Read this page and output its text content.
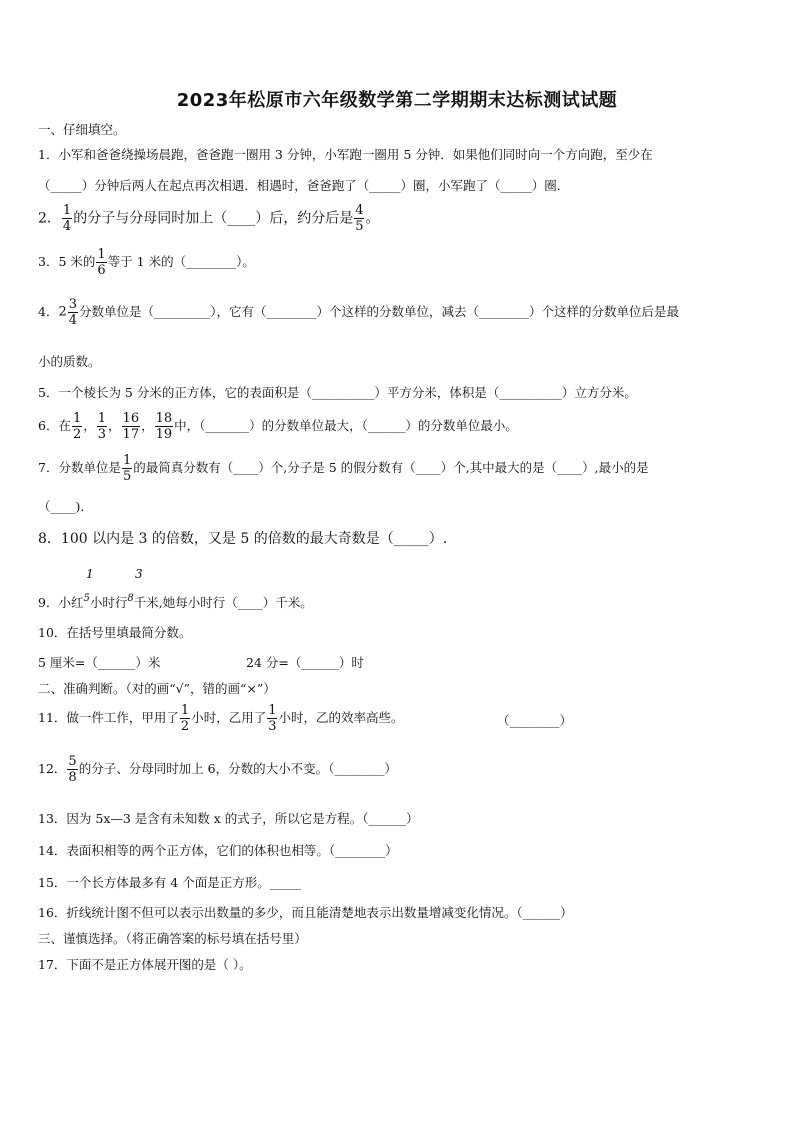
2023年松原市六年级数学第二学期期末达标测试试题
一、仔细填空。
1．小军和爸爸绕操场晨跑，爸爸跑一圈用 3 分钟，小军跑一圈用 5 分钟．如果他们同时向一个方向跑，至少在
（_____）分钟后两人在起点再次相遇．相遇时，爸爸跑了（_____）圈，小军跑了（_____）圈．
2． $\frac{1}{4}$ 的分子与分母同时加上（____）后，约分后是 $\frac{4}{5}$ 。
3．5 米的 $\frac{1}{6}$ 等于 1 米的（________）。
4．$2 \frac{3}{4}$ 分数单位是（_________），它有（________）个这样的分数单位，减去（________）个这样的分数单位后是最
小的质数。
5．一个棱长为 5 分米的正方体，它的表面积是（__________）平方分米，体积是（__________）立方分米。
6．在 $\frac{1}{2}$ ， $\frac{1}{3}$ ， $\frac{16}{17}$ ， $\frac{18}{19}$ 中，（_______）的分数单位最大，（______）的分数单位最小。
7．分数单位是 $\frac{1}{5}$ 的最简真分数有（____）个,分子是 5 的假分数有（____）个,其中最大的是（____）,最小的是
（____).
8．100 以内是 3 的倍数，又是 5 的倍数的最大奇数是（_____）.
1	3
9．小红$_5$小时行$_8$千米,她每小时行（____）千米。
10．在括号里填最简分数。
5 厘米=（______）米	24 分=（______）时
二、准确判断。（对的画“√”，错的画“×”）
11．做一件工作，甲用了 $\frac{1}{2}$ 小时，乙用了 $\frac{1}{3}$ 小时，乙的效率高些。	（________）
12． $\frac{5}{8}$ 的分子、分母同时加上 6，分数的大小不变。（________）
13．因为 5x—3 是含有未知数 x 的式子，所以它是方程。（______）
14．表面积相等的两个正方体，它们的体积也相等。（________）
15．一个长方体最多有 4 个面是正方形。_____
16．折线统计图不但可以表示出数量的多少，而且能清楚地表示出数量增减变化情况。（______）
三、谨慎选择。（将正确答案的标号填在括号里）
17．下面不是正方体展开图的是（ ）。
